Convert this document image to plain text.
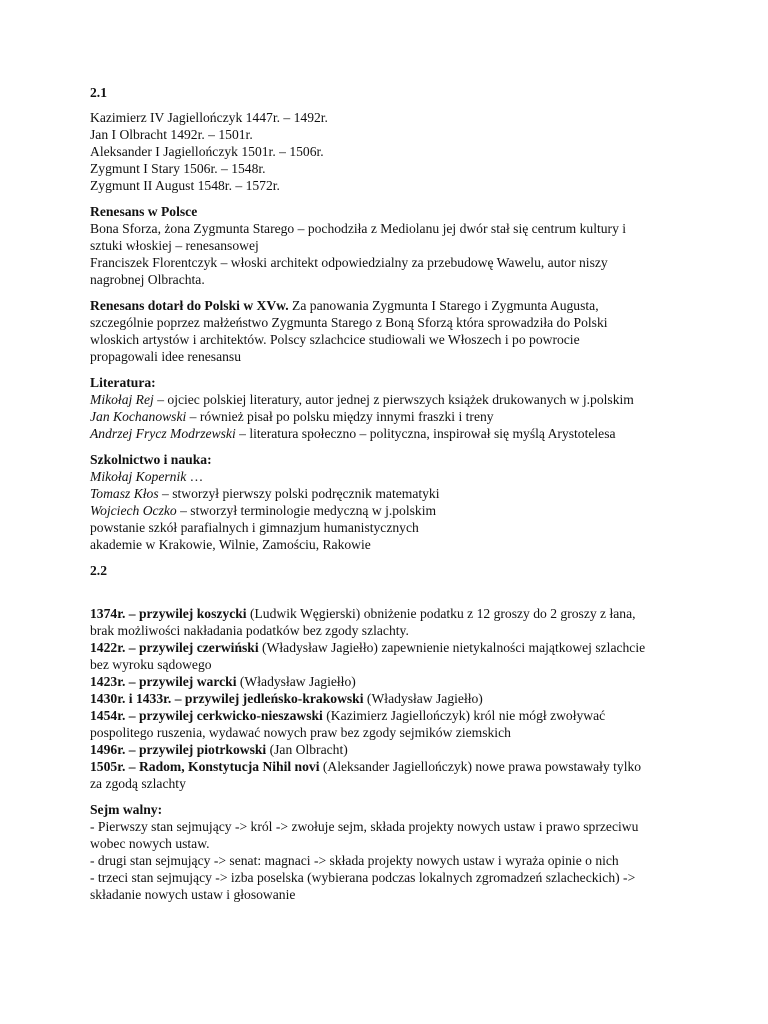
2.1
Kazimierz IV Jagiellończyk 1447r. – 1492r.
Jan I Olbracht 1492r. – 1501r.
Aleksander I Jagiellończyk 1501r. – 1506r.
Zygmunt I Stary 1506r. – 1548r.
Zygmunt II August 1548r. – 1572r.
Renesans w Polsce
Bona Sforza, żona Zygmunta Starego – pochodziła z Mediolanu jej dwór stał się centrum kultury i
sztuki włoskiej – renesansowej
Franciszek Florentczyk – włoski architekt odpowiedzialny za przebudowę Wawelu, autor niszy
nagrobnej Olbrachta.
Renesans dotarł do Polski w XVw. Za panowania Zygmunta I Starego i Zygmunta Augusta,
szczególnie poprzez małżeństwo Zygmunta Starego z Boną Sforzą która sprowadziła do Polski
wloskich artystów i architektów. Polscy szlachcice studiowali we Włoszech i po powrocie
propagowali idee renesansu
Literatura:
Mikołaj Rej – ojciec polskiej literatury, autor jednej z pierwszych książek drukowanych w j.polskim
Jan Kochanowski – również pisał po polsku między innymi fraszki i treny
Andrzej Frycz Modrzewski – literatura społeczno – polityczna, inspirował się myślą Arystotelesa
Szkolnictwo i nauka:
Mikołaj Kopernik …
Tomasz Kłos – stworzył pierwszy polski podręcznik matematyki
Wojciech Oczko – stworzył terminologie medyczną w j.polskim
powstanie szkół parafialnych i gimnazjum humanistycznych
akademie w Krakowie, Wilnie, Zamościu, Rakowie
2.2
1374r. – przywilej koszycki (Ludwik Węgierski) obniżenie podatku z 12 groszy do 2 groszy z łana,
brak możliwości nakładania podatków bez zgody szlachty.
1422r. – przywilej czerwiński (Władysław Jagiełło) zapewnienie nietykalności majątkowej szlachcie
bez wyroku sądowego
1423r. – przywilej warcki (Władysław Jagiełło)
1430r. i 1433r. – przywilej jedleńsko-krakowski (Władysław Jagiełło)
1454r. – przywilej cerkwicko-nieszawski (Kazimierz Jagiellończyk) król nie mógł zwoływać
pospolitego ruszenia, wydawać nowych praw bez zgody sejmików ziemskich
1496r. – przywilej piotrkowski (Jan Olbracht)
1505r. – Radom, Konstytucja Nihil novi (Aleksander Jagiellończyk) nowe prawa powstawały tylko
za zgodą szlachty
Sejm walny:
- Pierwszy stan sejmujący -> król -> zwołuje sejm, składa projekty nowych ustaw i prawo sprzeciwu
wobec nowych ustaw.
- drugi stan sejmujący -> senat: magnaci -> składa projekty nowych ustaw i wyraża opinie o nich
- trzeci stan sejmujący -> izba poselska (wybierana podczas lokalnych zgromadzeń szlacheckich) ->
składanie nowych ustaw i głosowanie
